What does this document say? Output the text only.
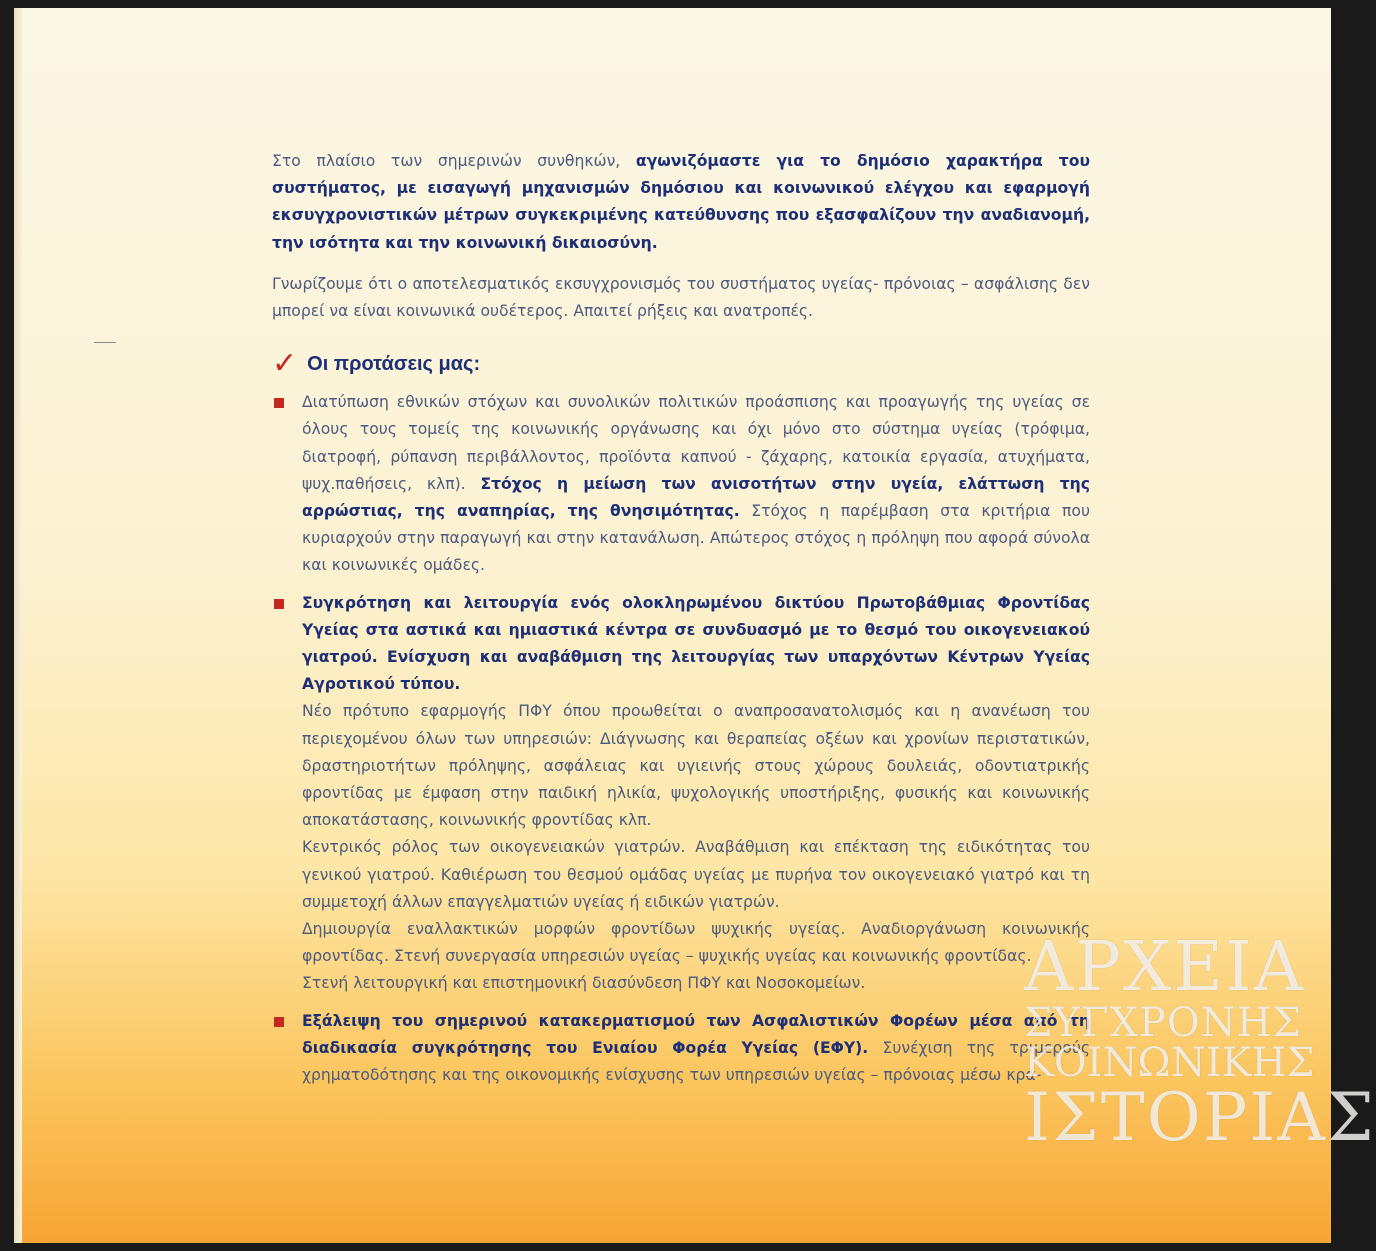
Στο πλαίσιο των σημερινών συνθηκών, αγωνιζόμαστε για το δημόσιο χαρακτήρα του συστήματος, με εισαγωγή μηχανισμών δημόσιου και κοινωνικού ελέγχου και εφαρμογή εκσυγχρονιστικών μέτρων συγκεκριμένης κατεύθυνσης που εξασφαλίζουν την αναδιανομή, την ισότητα και την κοινωνική δικαιοσύνη.

Γνωρίζουμε ότι ο αποτελεσματικός εκσυγχρονισμός του συστήματος υγείας- πρόνοιας – ασφάλισης δεν μπορεί να είναι κοινωνικά ουδέτερος. Απαιτεί ρήξεις και ανατροπές.

✓ Οι προτάσεις μας:

Διατύπωση εθνικών στόχων και συνολικών πολιτικών προάσπισης και προαγωγής της υγείας σε όλους τους τομείς της κοινωνικής οργάνωσης και όχι μόνο στο σύστημα υγείας (τρόφιμα, διατροφή, ρύπανση περιβάλλοντος, προϊόντα καπνού - ζάχαρης, κατοικία εργασία, ατυχήματα, ψυχ.παθήσεις, κλπ). Στόχος η μείωση των ανισοτήτων στην υγεία, ελάττωση της αρρώστιας, της αναπηρίας, της θνησιμότητας. Στόχος η παρέμβαση στα κριτήρια που κυριαρχούν στην παραγωγή και στην κατανάλωση. Απώτερος στόχος η πρόληψη που αφορά σύνολα και κοινωνικές ομάδες.

Συγκρότηση και λειτουργία ενός ολοκληρωμένου δικτύου Πρωτοβάθμιας Φροντίδας Υγείας στα αστικά και ημιαστικά κέντρα σε συνδυασμό με το θεσμό του οικογενειακού γιατρού. Ενίσχυση και αναβάθμιση της λειτουργίας των υπαρχόντων Κέντρων Υγείας Αγροτικού τύπου.

Νέο πρότυπο εφαρμογής ΠΦΥ όπου προωθείται ο αναπροσανατολισμός και η ανανέωση του περιεχομένου όλων των υπηρεσιών: Διάγνωσης και θεραπείας οξέων και χρονίων περιστατικών, δραστηριοτήτων πρόληψης, ασφάλειας και υγιεινής στους χώρους δουλειάς, οδοντιατρικής φροντίδας με έμφαση στην παιδική ηλικία, ψυχολογικής υποστήριξης, φυσικής και κοινωνικής αποκατάστασης, κοινωνικής φροντίδας κλπ.

Κεντρικός ρόλος των οικογενειακών γιατρών. Αναβάθμιση και επέκταση της ειδικότητας του γενικού γιατρού. Καθιέρωση του θεσμού ομάδας υγείας με πυρήνα τον οικογενειακό γιατρό και τη συμμετοχή άλλων επαγγελματιών υγείας ή ειδικών γιατρών.

Δημιουργία εναλλακτικών μορφών φροντίδων ψυχικής υγείας. Αναδιοργάνωση κοινωνικής φροντίδας. Στενή συνεργασία υπηρεσιών υγείας – ψυχικής υγείας και κοινωνικής φροντίδας.

Στενή λειτουργική και επιστημονική διασύνδεση ΠΦΥ και Νοσοκομείων.

Εξάλειψη του σημερινού κατακερματισμού των Ασφαλιστικών Φορέων μέσα από τη διαδικασία συγκρότησης του Ενιαίου Φορέα Υγείας (ΕΦΥ). Συνέχιση της τριμερούς χρηματοδότησης και της οικονομικής ενίσχυσης των υπηρεσιών υγείας – πρόνοιας μέσω κρα-

ΑΡΧΕΙΑ
ΣΥΓΧΡΟΝΗΣ
ΚΟΙΝΩΝΙΚΗΣ
ΙΣΤΟΡΙΑΣ
